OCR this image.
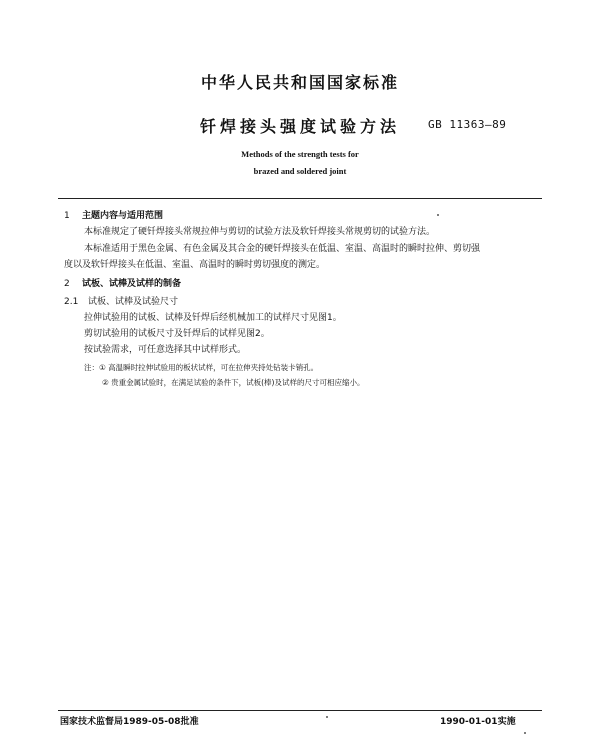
中华人民共和国国家标准
钎焊接头强度试验方法	GB 11363—89
Methods of the strength tests for
brazed and soldered joint
1 主题内容与适用范围
本标准规定了硬钎焊接头常规拉伸与剪切的试验方法及软钎焊接头常规剪切的试验方法。
本标准适用于黑色金属、有色金属及其合金的硬钎焊接头在低温、室温、高温时的瞬时拉伸、剪切强
度以及软钎焊接头在低温、室温、高温时的瞬时剪切强度的测定。
2 试板、试棒及试样的制备
2.1 试板、试棒及试验尺寸
拉伸试验用的试板、试棒及钎焊后经机械加工的试样尺寸见图1。
剪切试验用的试板尺寸及钎焊后的试样见图2。
按试验需求，可任意选择其中试样形式。
注：① 高温瞬时拉伸试验用的板状试样，可在拉伸夹持处钻装卡销孔。
② 贵重金属试验时，在满足试验的条件下，试板(棒)及试样的尺寸可相应缩小。
国家技术监督局1989-05-08批准	1990-01-01实施
